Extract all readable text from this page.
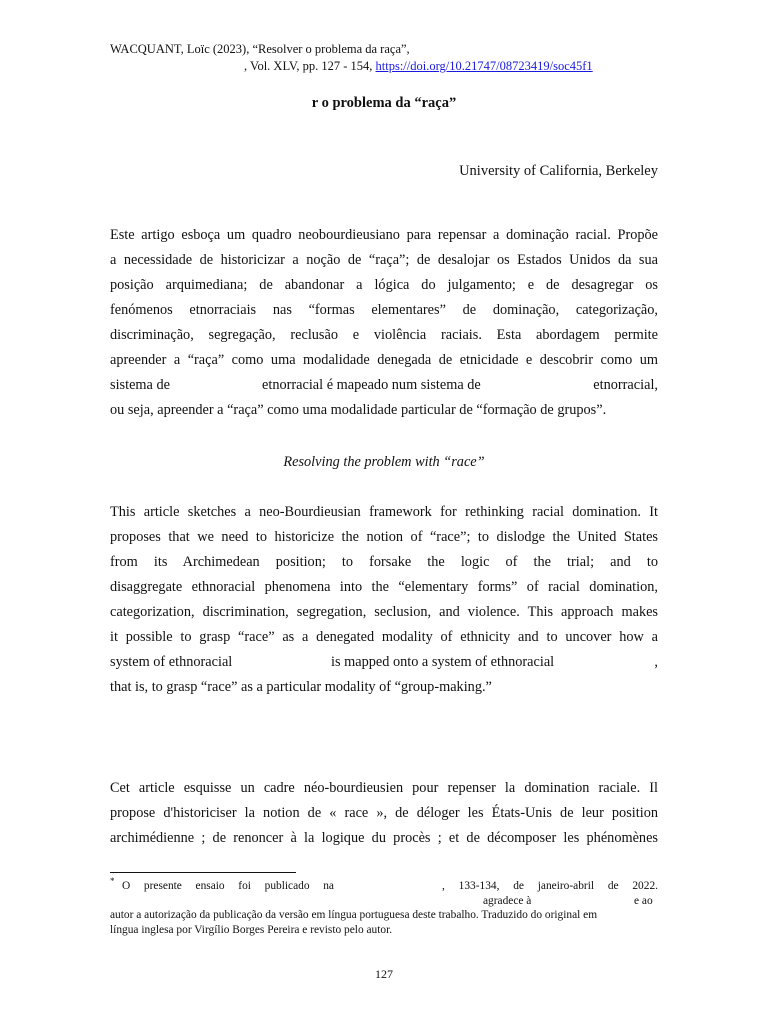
WACQUANT, Loïc (2023), “Resolver o problema da raça”,
, Vol. XLV, pp. 127 - 154, https://doi.org/10.21747/08723419/soc45f1
r o problema da “raça”
University of California, Berkeley
Este artigo esboça um quadro neobourdieusiano para repensar a dominação racial. Propõe
a necessidade de historicizar a noção de “raça”; de desalojar os Estados Unidos da sua
posição arquimediana; de abandonar a lógica do julgamento; e de desagregar os
fenómenos etnorraciais nas “formas elementares” de dominação, categorização,
discriminação, segregação, reclusão e violência raciais. Esta abordagem permite
apreender a “raça” como uma modalidade denegada de etnicidade e descobrir como um
sistema de	etnorracial é mapeado num sistema de	etnorracial,
ou seja, apreender a “raça” como uma modalidade particular de “formação de grupos”.
Resolving the problem with “race”
This article sketches a neo-Bourdieusian framework for rethinking racial domination. It
proposes that we need to historicize the notion of “race”; to dislodge the United States
from its Archimedean position; to forsake the logic of the trial; and to
disaggregate ethnoracial phenomena into the “elementary forms” of racial domination,
categorization, discrimination, segregation, seclusion, and violence. This approach makes
it possible to grasp “race” as a denegated modality of ethnicity and to uncover how a
system of ethnoracial	is mapped onto a system of ethnoracial	,
that is, to grasp “race” as a particular modality of “group-making.”
Cet article esquisse un cadre néo-bourdieusien pour repenser la domination raciale. Il
propose d'historiciser la notion de « race », de déloger les États-Unis de leur position
archimédienne ; de renoncer à la logique du procès ; et de décomposer les phénomènes
* O presente ensaio foi publicado na	, 133-134, de janeiro-abril de 2022.
agradece à	e ao
autor a autorização da publicação da versão em língua portuguesa deste trabalho. Traduzido do original em
língua inglesa por Virgílio Borges Pereira e revisto pelo autor.
127
